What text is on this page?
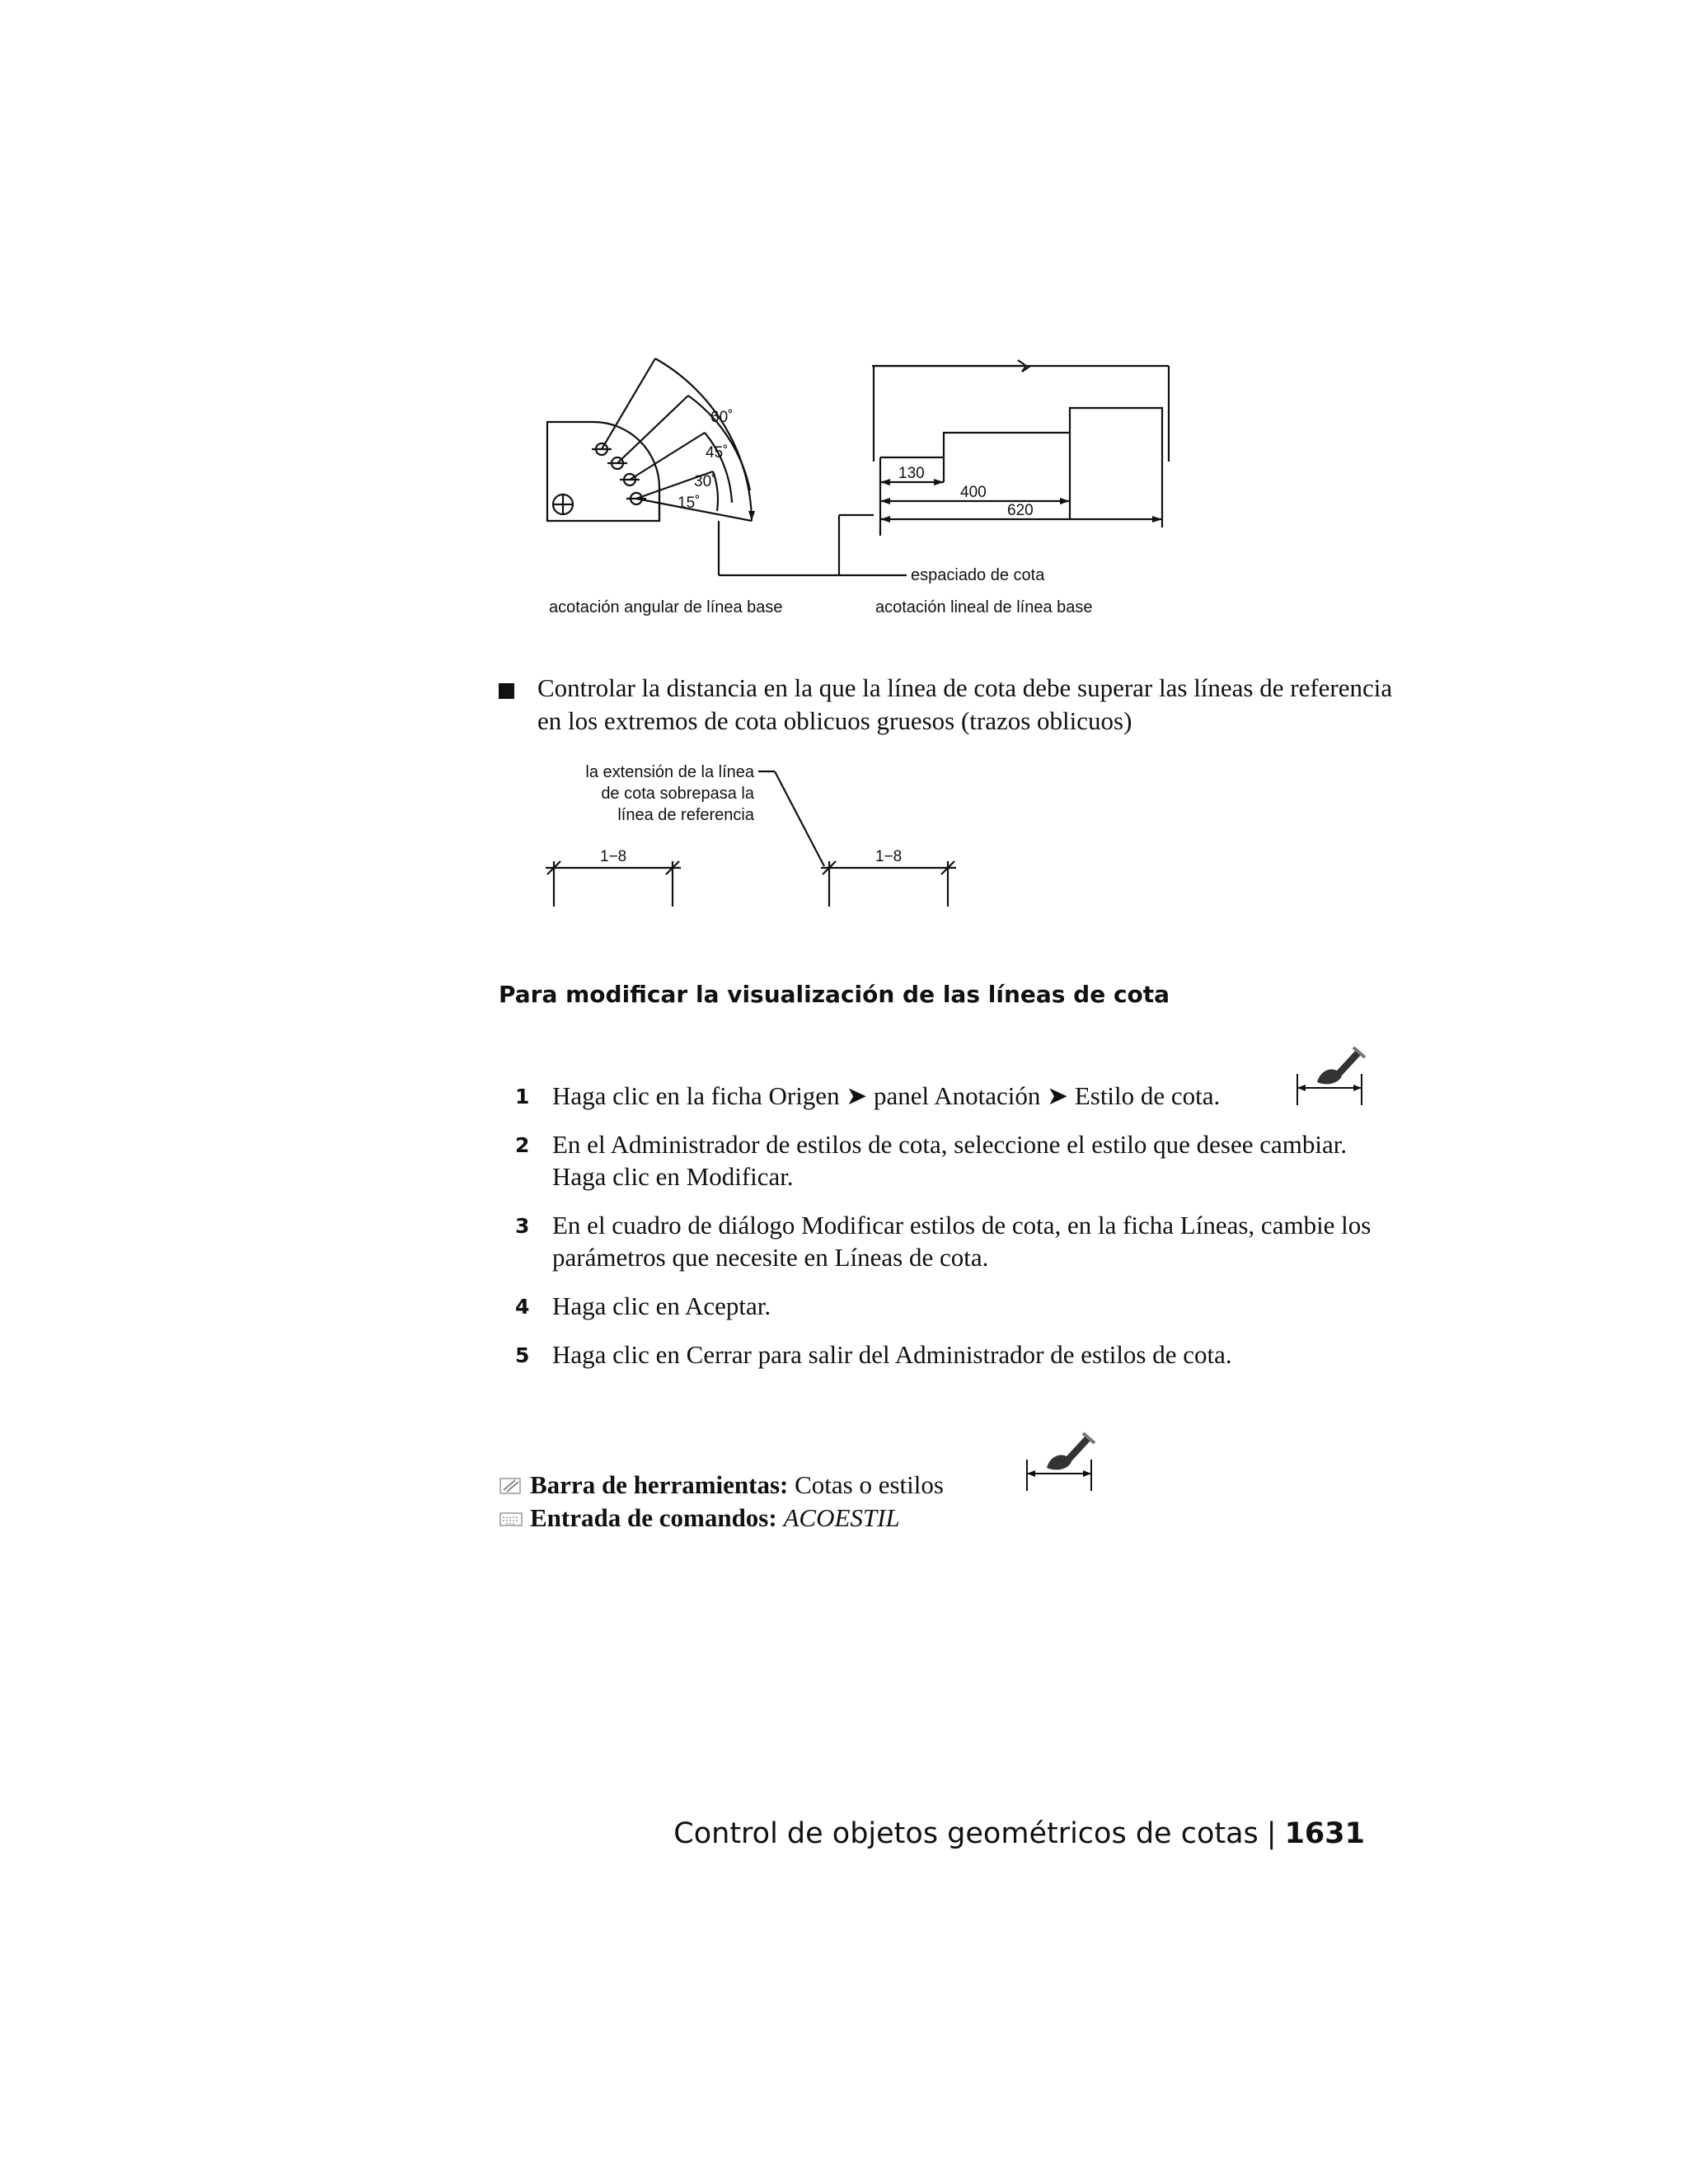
60˚
45˚
30˚
15˚
130
400
620
espaciado de cota
acotación angular de línea base	acotación lineal de línea base
Controlar la distancia en la que la línea de cota debe superar las líneas de referencia en los extremos de cota oblicuos gruesos (trazos oblicuos)
la extensión de la línea
de cota sobrepasa la
línea de referencia
1−8	1−8
Para modificar la visualización de las líneas de cota
1 Haga clic en la ficha Origen ➤ panel Anotación ➤ Estilo de cota.
2 En el Administrador de estilos de cota, seleccione el estilo que desee cambiar. Haga clic en Modificar.
3 En el cuadro de diálogo Modificar estilos de cota, en la ficha Líneas, cambie los parámetros que necesite en Líneas de cota.
4 Haga clic en Aceptar.
5 Haga clic en Cerrar para salir del Administrador de estilos de cota.
Barra de herramientas: Cotas o estilos
Entrada de comandos: ACOESTIL
Control de objetos geométricos de cotas | 1631
